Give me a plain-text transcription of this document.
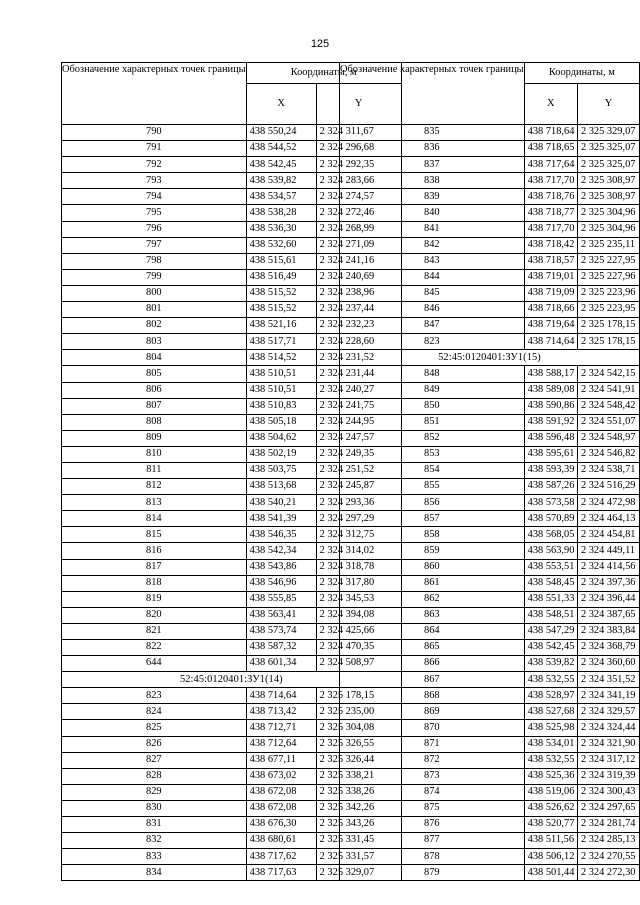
125
Обозначение характерных точек границы	Координаты, м	
	X	Y
790	438 550,24	2 324 311,67
791	438 544,52	2 324 296,68
792	438 542,45	2 324 292,35
793	438 539,82	2 324 283,66
794	438 534,57	2 324 274,57
795	438 538,28	2 324 272,46
796	438 536,30	2 324 268,99
797	438 532,60	2 324 271,09
798	438 515,61	2 324 241,16
799	438 516,49	2 324 240,69
800	438 515,52	2 324 238,96
801	438 515,52	2 324 237,44
802	438 521,16	2 324 232,23
803	438 517,71	2 324 228,60
804	438 514,52	2 324 231,52
805	438 510,51	2 324 231,44
806	438 510,51	2 324 240,27
807	438 510,83	2 324 241,75
808	438 505,18	2 324 244,95
809	438 504,62	2 324 247,57
810	438 502,19	2 324 249,35
811	438 503,75	2 324 251,52
812	438 513,68	2 324 245,87
813	438 540,21	2 324 293,36
814	438 541,39	2 324 297,29
815	438 546,35	2 324 312,75
816	438 542,34	2 324 314,02
817	438 543,86	2 324 318,78
818	438 546,96	2 324 317,80
819	438 555,85	2 324 345,53
820	438 563,41	2 324 394,08
821	438 573,74	2 324 425,66
822	438 587,32	2 324 470,35
644	438 601,34	2 324 508,97
52:45:0120401:ЗУ1(14)		
823	438 714,64	2 325 178,15
824	438 713,42	2 325 235,00
825	438 712,71	2 325 304,08
826	438 712,64	2 325 326,55
827	438 677,11	2 325 326,44
828	438 673,02	2 325 338,21
829	438 672,08	2 325 338,26
830	438 672,08	2 325 342,26
831	438 676,30	2 325 343,26
832	438 680,61	2 325 331,45
833	438 717,62	2 325 331,57
834	438 717,63	2 325 329,07
Обозначение характерных точек границы	Координаты, м	
	X	Y
835	438 718,64	2 325 329,07
836	438 718,65	2 325 325,07
837	438 717,64	2 325 325,07
838	438 717,70	2 325 308,97
839	438 718,76	2 325 308,97
840	438 718,77	2 325 304,96
841	438 717,70	2 325 304,96
842	438 718,42	2 325 235,11
843	438 718,57	2 325 227,95
844	438 719,01	2 325 227,96
845	438 719,09	2 325 223,96
846	438 718,66	2 325 223,95
847	438 719,64	2 325 178,15
823	438 714,64	2 325 178,15
52:45:0120401:ЗУ1(15)		
848	438 588,17	2 324 542,15
849	438 589,08	2 324 541,91
850	438 590,86	2 324 548,42
851	438 591,92	2 324 551,07
852	438 596,48	2 324 548,97
853	438 595,61	2 324 546,82
854	438 593,39	2 324 538,71
855	438 587,26	2 324 516,29
856	438 573,58	2 324 472,98
857	438 570,89	2 324 464,13
858	438 568,05	2 324 454,81
859	438 563,90	2 324 449,11
860	438 553,51	2 324 414,56
861	438 548,45	2 324 397,36
862	438 551,33	2 324 396,44
863	438 548,51	2 324 387,65
864	438 547,29	2 324 383,84
865	438 542,45	2 324 368,79
866	438 539,82	2 324 360,60
867	438 532,55	2 324 351,52
868	438 528,97	2 324 341,19
869	438 527,68	2 324 329,57
870	438 525,98	2 324 324,44
871	438 534,01	2 324 321,90
872	438 532,55	2 324 317,12
873	438 525,36	2 324 319,39
874	438 519,06	2 324 300,43
875	438 526,62	2 324 297,65
876	438 520,77	2 324 281,74
877	438 511,56	2 324 285,13
878	438 506,12	2 324 270,55
879	438 501,44	2 324 272,30
